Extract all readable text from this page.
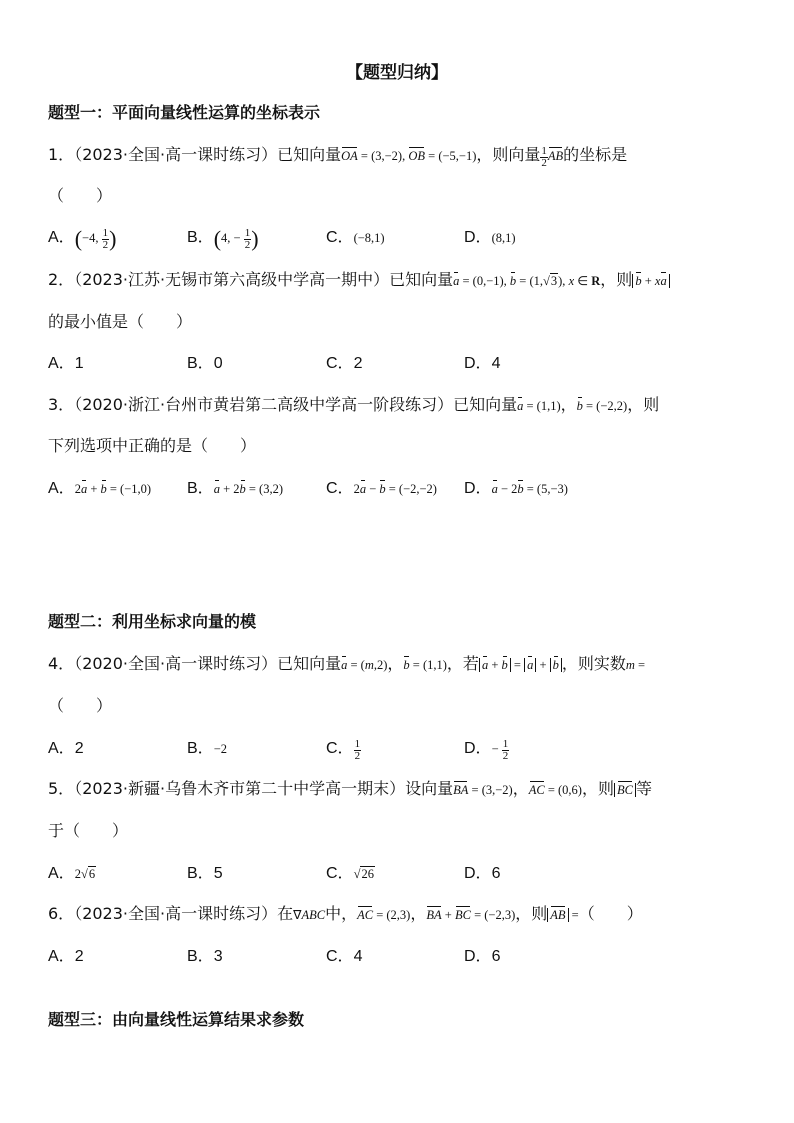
【题型归纳】
题型一：平面向量线性运算的坐标表示
1．（2023·全国·高一课时练习）已知向量OA = (3,−2), OB = (−5,−1)，则向量 $\frac{1}{2}$ AB的坐标是
（　　）
A．(−4, $\frac{1}{2}$ )	B．(4, − $\frac{1}{2}$ )	C．(−8,1)	D．(8,1)
2．（2023·江苏·无锡市第六高级中学高一期中）已知向量a = (0,−1), b = (1,√3), x ∈ R，则 b + xa
的最小值是（　　）
A．1	B．0	C．2	D．4
3．（2020·浙江·台州市黄岩第二高级中学高一阶段练习）已知向量a = (1,1)，b = (−2,2)，则
下列选项中正确的是（　　）
A．2a + b = (−1,0) B．a + 2b = (3,2)	C．2a − b = (−2,−2) D．a − 2b = (5,−3)
题型二：利用坐标求向量的模
4．（2020·全国·高一课时练习）已知向量a = (m,2)，b = (1,1)，若 a + b = a + b ，则实数m =
（　　）
A．2	B．−2	C． $\frac{1}{2}$	D．− $\frac{1}{2}$
5．（2023·新疆·乌鲁木齐市第二十中学高一期末）设向量BA = (3,−2)，AC = (0,6)，则 BC 等
于（　　）
A．2√6	B．5	C．√26	D．6
6．（2023·全国·高一课时练习）在∇ABC中，AC = (2,3)，BA + BC = (−2,3)，则 AB =（　　）
A．2	B．3	C．4	D．6
题型三：由向量线性运算结果求参数
